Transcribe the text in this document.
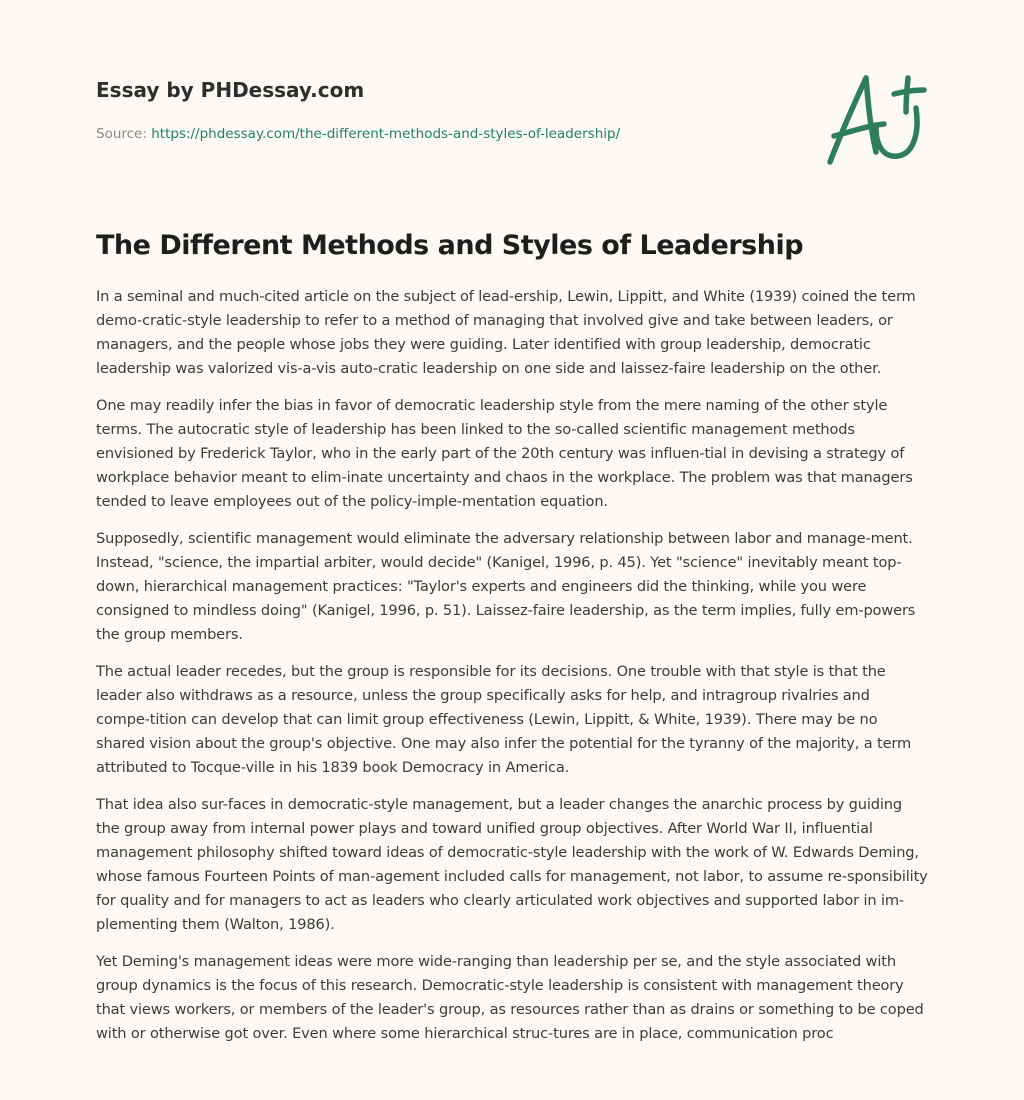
Essay by PHDessay.com
Source: https://phdessay.com/the-different-methods-and-styles-of-leadership/
The Different Methods and Styles of Leadership

In a seminal and much-cited article on the subject of lead-ership, Lewin, Lippitt, and White (1939) coined the term demo-cratic-style leadership to refer to a method of managing that involved give and take between leaders, or managers, and the people whose jobs they were guiding. Later identified with group leadership, democratic leadership was valorized vis-a-vis auto-cratic leadership on one side and laissez-faire leadership on the other.

One may readily infer the bias in favor of democratic leadership style from the mere naming of the other style terms. The autocratic style of leadership has been linked to the so-called scientific management methods envisioned by Frederick Taylor, who in the early part of the 20th century was influen-tial in devising a strategy of workplace behavior meant to elim-inate uncertainty and chaos in the workplace. The problem was that managers tended to leave employees out of the policy-imple-mentation equation.

Supposedly, scientific management would eliminate the adversary relationship between labor and manage-ment. Instead, "science, the impartial arbiter, would decide" (Kanigel, 1996, p. 45). Yet "science" inevitably meant top-down, hierarchical management practices: "Taylor's experts and engineers did the thinking, while you were consigned to mindless doing" (Kanigel, 1996, p. 51). Laissez-faire leadership, as the term implies, fully em-powers the group members.

The actual leader recedes, but the group is responsible for its decisions. One trouble with that style is that the leader also withdraws as a resource, unless the group specifically asks for help, and intragroup rivalries and compe-tition can develop that can limit group effectiveness (Lewin, Lippitt, & White, 1939). There may be no shared vision about the group's objective. One may also infer the potential for the tyranny of the majority, a term attributed to Tocque-ville in his 1839 book Democracy in America.

That idea also sur-faces in democratic-style management, but a leader changes the anarchic process by guiding the group away from internal power plays and toward unified group objectives. After World War II, influential management philosophy shifted toward ideas of democratic-style leadership with the work of W. Edwards Deming, whose famous Fourteen Points of man-agement included calls for management, not labor, to assume re-sponsibility for quality and for managers to act as leaders who clearly articulated work objectives and supported labor in im-plementing them (Walton, 1986).

Yet Deming's management ideas were more wide-ranging than leadership per se, and the style associated with group dynamics is the focus of this research. Democratic-style leadership is consistent with management theory that views workers, or members of the leader's group, as resources rather than as drains or something to be coped with or otherwise got over. Even where some hierarchical struc-tures are in place, communication proc
